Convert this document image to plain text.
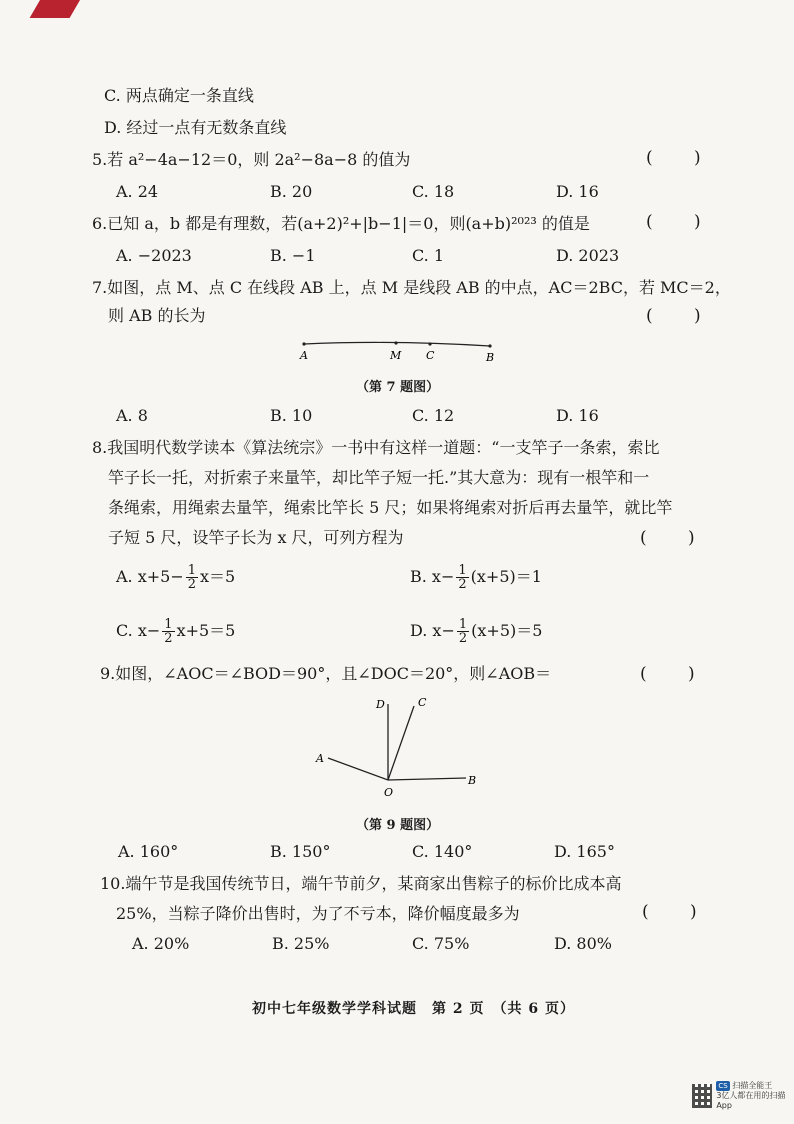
C. 两点确定一条直线
D. 经过一点有无数条直线
5.若 a²−4a−12＝0，则 2a²−8a−8 的值为	( )
A. 24	B. 20	C. 18	D. 16
6.已知 a，b 都是有理数，若(a+2)²+|b−1|＝0，则(a+b)²⁰²³ 的值是	( )
A. −2023	B. −1	C. 1	D. 2023
7.如图，点 M、点 C 在线段 AB 上，点 M 是线段 AB 的中点，AC＝2BC，若 MC＝2，
则 AB 的长为	( )
A	M C	B
（第 7 题图）
A. 8	B. 10	C. 12	D. 16
8.我国明代数学读本《算法统宗》一书中有这样一道题：“一支竿子一条索，索比
竿子长一托，对折索子来量竿，却比竿子短一托.”其大意为：现有一根竿和一
条绳索，用绳索去量竿，绳索比竿长 5 尺；如果将绳索对折后再去量竿，就比竿
子短 5 尺，设竿子长为 x 尺，可列方程为	( )
A. $x+5- \frac{1}{2} x=5$	B. $x- \frac{1}{2} (x+5)=1$
C. $x- \frac{1}{2} x+5=5$	D. $x- \frac{1}{2} (x+5)=5$
9.如图，∠AOC＝∠BOD＝90°，且∠DOC＝20°，则∠AOB＝	( )
D	C
A
O
B
（第 9 题图）
A. 160°	B. 150°	C. 140°	D. 165°
10.端午节是我国传统节日，端午节前夕，某商家出售粽子的标价比成本高
25%，当粽子降价出售时，为了不亏本，降价幅度最多为	( )
A. 20%	B. 25%	C. 75%	D. 80%
初中七年级数学学科试题　第 2 页　（共 6 页）
CS 扫描全能王
3亿人都在用的扫描App
